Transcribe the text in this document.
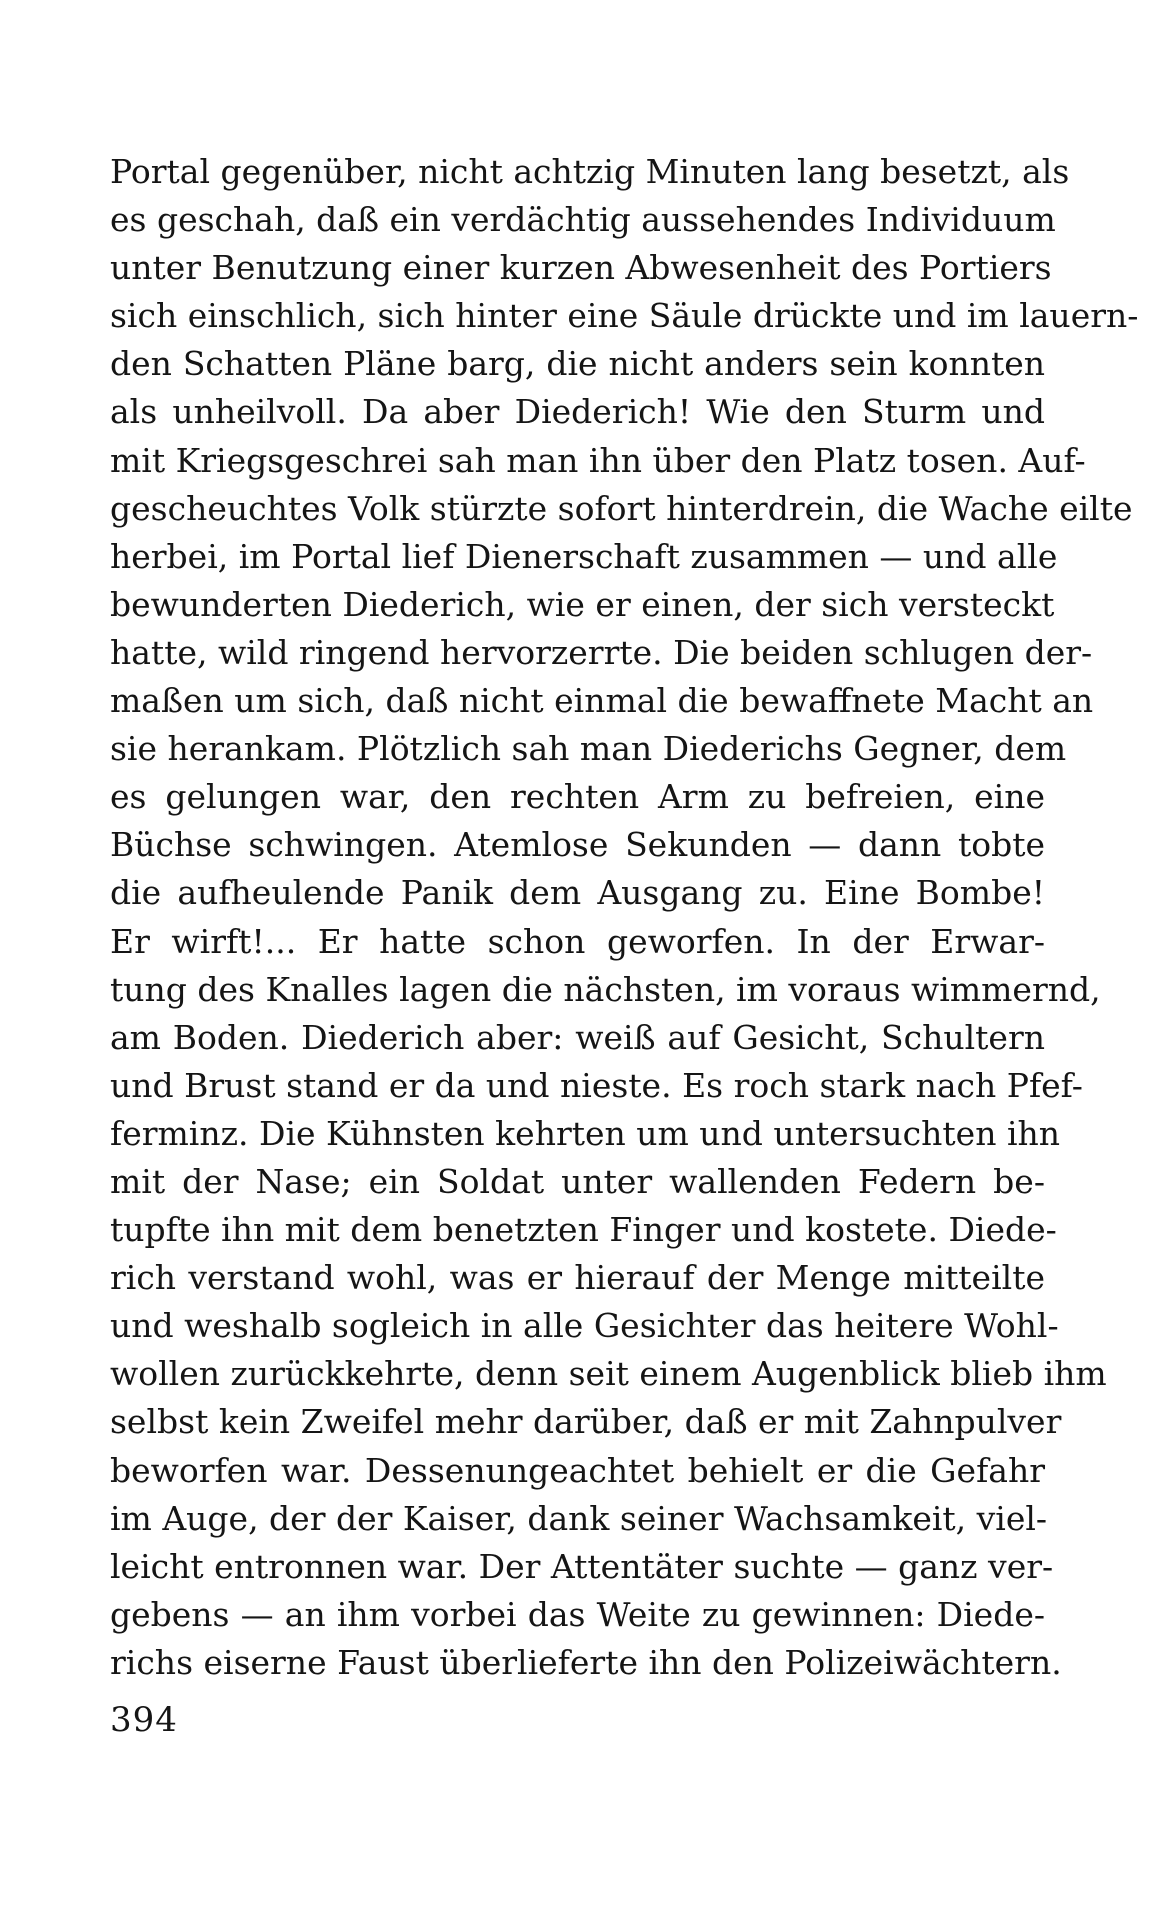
Portal gegenüber, nicht achtzig Minuten lang besetzt, als
es geschah, daß ein verdächtig aussehendes Individuum
unter Benutzung einer kurzen Abwesenheit des Portiers
sich einschlich, sich hinter eine Säule drückte und im lauern-
den Schatten Pläne barg, die nicht anders sein konnten
als unheilvoll. Da aber Diederich! Wie den Sturm und
mit Kriegsgeschrei sah man ihn über den Platz tosen. Auf-
gescheuchtes Volk stürzte sofort hinterdrein, die Wache eilte
herbei, im Portal lief Dienerschaft zusammen — und alle
bewunderten Diederich, wie er einen, der sich versteckt
hatte, wild ringend hervorzerrte. Die beiden schlugen der-
maßen um sich, daß nicht einmal die bewaffnete Macht an
sie herankam. Plötzlich sah man Diederichs Gegner, dem
es gelungen war, den rechten Arm zu befreien, eine
Büchse schwingen. Atemlose Sekunden — dann tobte
die aufheulende Panik dem Ausgang zu. Eine Bombe!
Er wirft!... Er hatte schon geworfen. In der Erwar-
tung des Knalles lagen die nächsten, im voraus wimmernd,
am Boden. Diederich aber: weiß auf Gesicht, Schultern
und Brust stand er da und nieste. Es roch stark nach Pfef-
ferminz. Die Kühnsten kehrten um und untersuchten ihn
mit der Nase; ein Soldat unter wallenden Federn be-
tupfte ihn mit dem benetzten Finger und kostete. Diede-
rich verstand wohl, was er hierauf der Menge mitteilte
und weshalb sogleich in alle Gesichter das heitere Wohl-
wollen zurückkehrte, denn seit einem Augenblick blieb ihm
selbst kein Zweifel mehr darüber, daß er mit Zahnpulver
beworfen war. Dessenungeachtet behielt er die Gefahr
im Auge, der der Kaiser, dank seiner Wachsamkeit, viel-
leicht entronnen war. Der Attentäter suchte — ganz ver-
gebens — an ihm vorbei das Weite zu gewinnen: Diede-
richs eiserne Faust überlieferte ihn den Polizeiwächtern.
394
